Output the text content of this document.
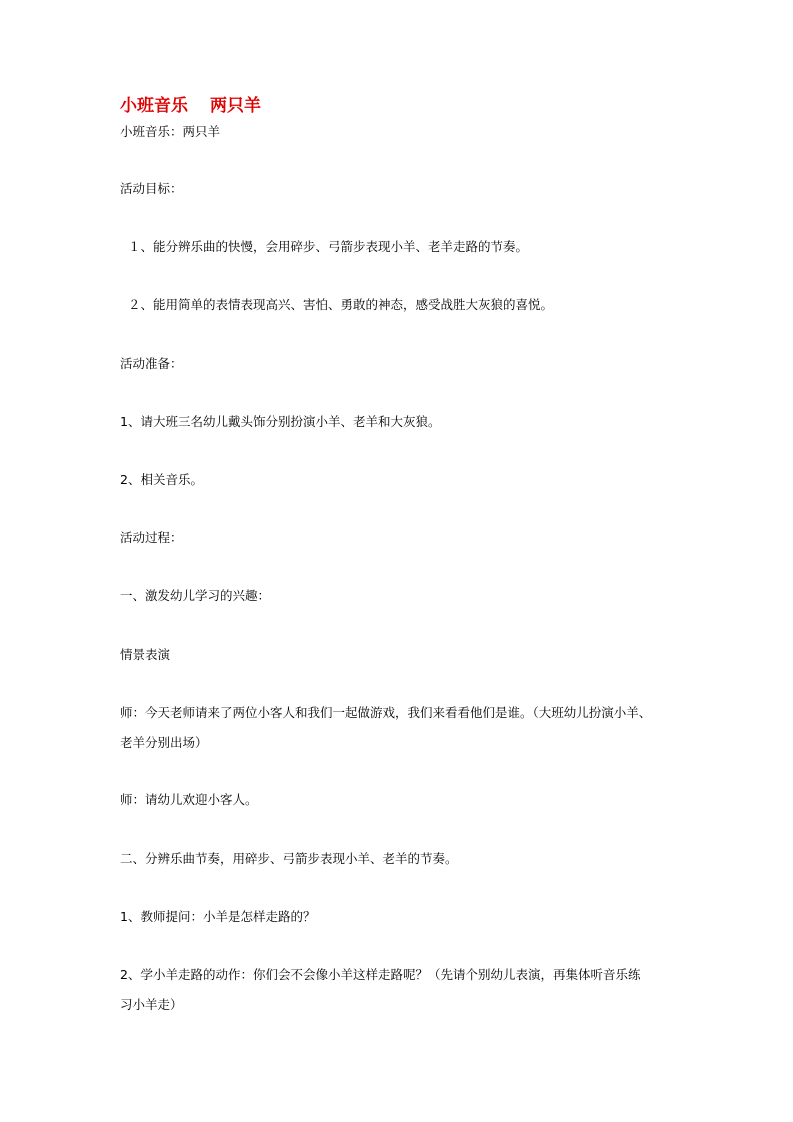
小班音乐 两只羊
小班音乐：两只羊
活动目标：
１、能分辨乐曲的快慢，会用碎步、弓箭步表现小羊、老羊走路的节奏。
２、能用简单的表情表现高兴、害怕、勇敢的神态，感受战胜大灰狼的喜悦。
活动准备：
1、请大班三名幼儿戴头饰分别扮演小羊、老羊和大灰狼。
2、相关音乐。
活动过程：
一、激发幼儿学习的兴趣：
情景表演
师：今天老师请来了两位小客人和我们一起做游戏，我们来看看他们是谁。（大班幼儿扮演小羊、
老羊分别出场）
师：请幼儿欢迎小客人。
二、分辨乐曲节奏，用碎步、弓箭步表现小羊、老羊的节奏。
1、教师提问：小羊是怎样走路的？
2、学小羊走路的动作：你们会不会像小羊这样走路呢？（先请个别幼儿表演，再集体听音乐练
习小羊走）
